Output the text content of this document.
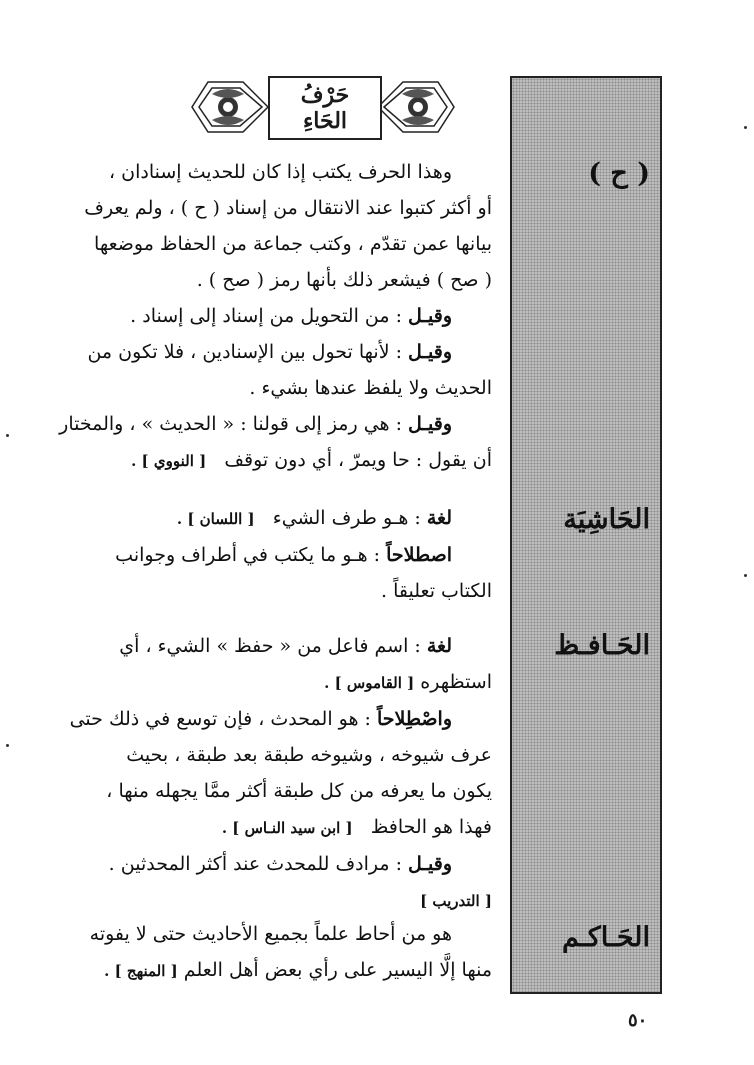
حَرْفُ
الحَاءِ
( ح )
الحَاشِيَة
الحَـافـظ
الحَـاكـم
وهذا الحرف يكتب إذا كان للحديث إسنادان ،
أو أكثر كتبوا عند الانتقال من إسناد ( ح ) ، ولم يعرف
بيانها عمن تقدّم ، وكتب جماعة من الحفاظ موضعها
( صح ) فيشعر ذلك بأنها رمز ( صح ) .
وقيـل : من التحويل من إسناد إلى إسناد .
وقيـل : لأنها تحول بين الإسنادين ، فلا تكون من
الحديث ولا يلفظ عندها بشيء .
وقيـل : هي رمز إلى قولنا : « الحديث » ، والمختار
أن يقول : حا ويمرّ ، أي دون توقف   [ النووي ] .
لغة : هـو طرف الشيء   [ اللسان ] .
اصطلاحاً : هـو ما يكتب في أطراف وجوانب
الكتاب تعليقاً .
لغة : اسم فاعل من « حفظ » الشيء ، أي
استظهره [ القاموس ] .
واصْطِلاحاً : هو المحدث ، فإن توسع في ذلك حتى
عرف شيوخه ، وشيوخه طبقة بعد طبقة ، بحيث
يكون ما يعرفه من كل طبقة أكثر ممَّا يجهله منها ،
فهذا هو الحافظ   [ ابن سيد النـاس ] .
وقيـل : مرادف للمحدث عند أكثر المحدثين .
[ التدريب ]
هو من أحاط علماً بجميع الأحاديث حتى لا يفوته
منها إلَّا اليسير على رأي بعض أهل العلم [ المنهج ] .
٥٠
